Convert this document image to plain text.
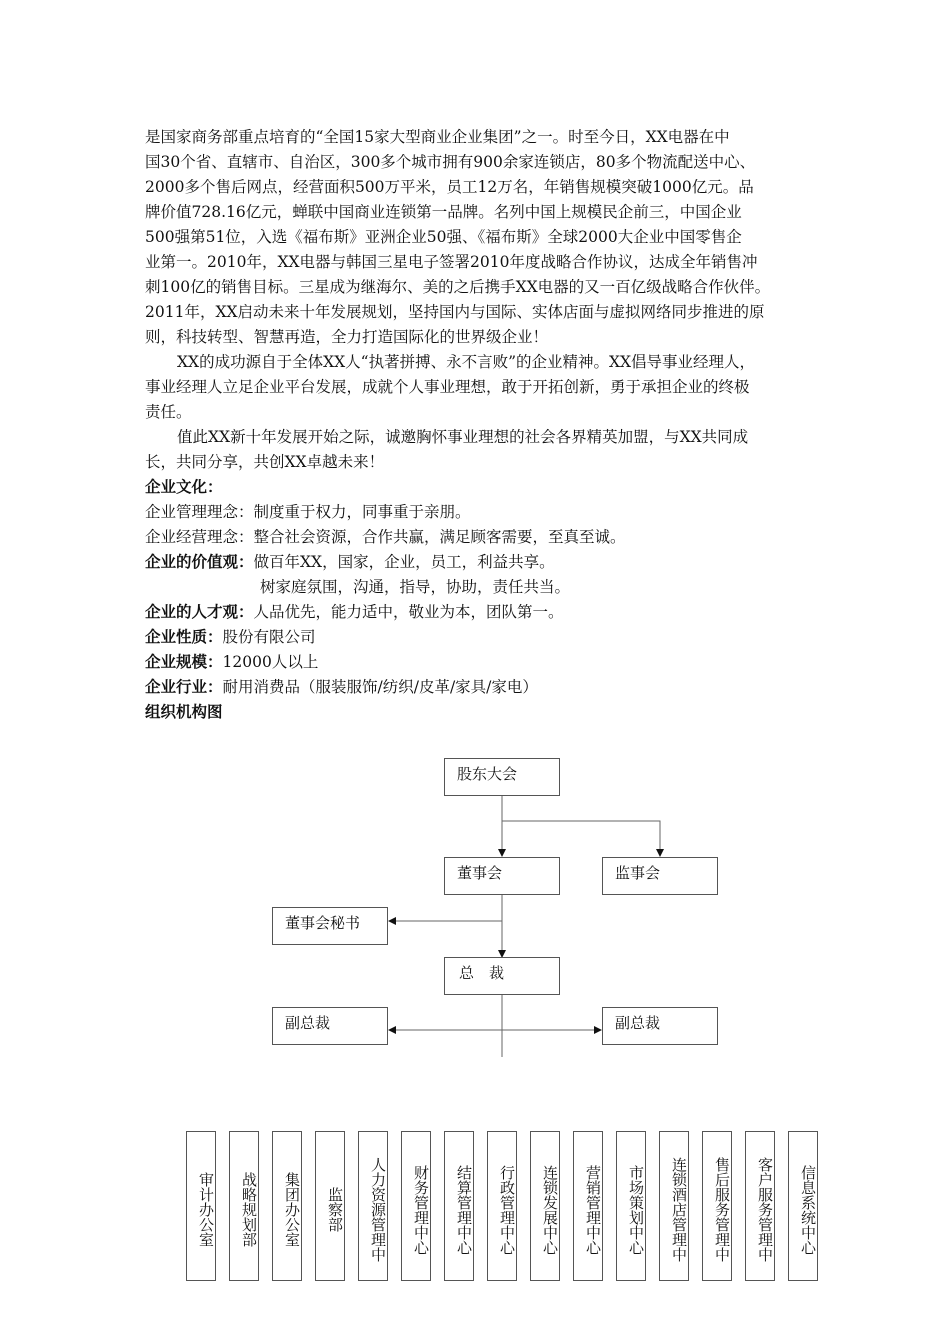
是国家商务部重点培育的“全国15家大型商业企业集团”之一。时至今日，XX电器在中
国30个省、直辖市、自治区，300多个城市拥有900余家连锁店，80多个物流配送中心、
2000多个售后网点，经营面积500万平米，员工12万名，年销售规模突破1000亿元。品
牌价值728.16亿元，蝉联中国商业连锁第一品牌。名列中国上规模民企前三，中国企业
500强第51位，入选《福布斯》亚洲企业50强、《福布斯》全球2000大企业中国零售企
业第一。2010年，XX电器与韩国三星电子签署2010年度战略合作协议，达成全年销售冲
刺100亿的销售目标。三星成为继海尔、美的之后携手XX电器的又一百亿级战略合作伙伴。
2011年，XX启动未来十年发展规划，坚持国内与国际、实体店面与虚拟网络同步推进的原
则，科技转型、智慧再造，全力打造国际化的世界级企业！
XX的成功源自于全体XX人“执著拼搏、永不言败”的企业精神。XX倡导事业经理人，
事业经理人立足企业平台发展，成就个人事业理想，敢于开拓创新，勇于承担企业的终极
责任。
值此XX新十年发展开始之际，诚邀胸怀事业理想的社会各界精英加盟，与XX共同成
长，共同分享，共创XX卓越未来！
企业文化：
企业管理理念：制度重于权力，同事重于亲朋。
企业经营理念：整合社会资源，合作共赢，满足顾客需要，至真至诚。
企业的价值观：做百年XX，国家，企业，员工，利益共享。
树家庭氛围，沟通，指导，协助，责任共当。
企业的人才观：人品优先，能力适中，敬业为本，团队第一。
企业性质：股份有限公司
企业规模：12000人以上
企业行业：耐用消费品（服装服饰/纺织/皮革/家具/家电）
组织机构图
股东大会
董事会	监事会
董事会秘书
总　裁
副总裁	副总裁
审计办公室	战略规划部	集团办公室	监察部	人力资源管理中	财务管理中心	结算管理中心	行政管理中心	连锁发展中心	营销管理中心	市场策划中心	连锁酒店管理中	售后服务管理中	客户服务管理中	信息系统中心
